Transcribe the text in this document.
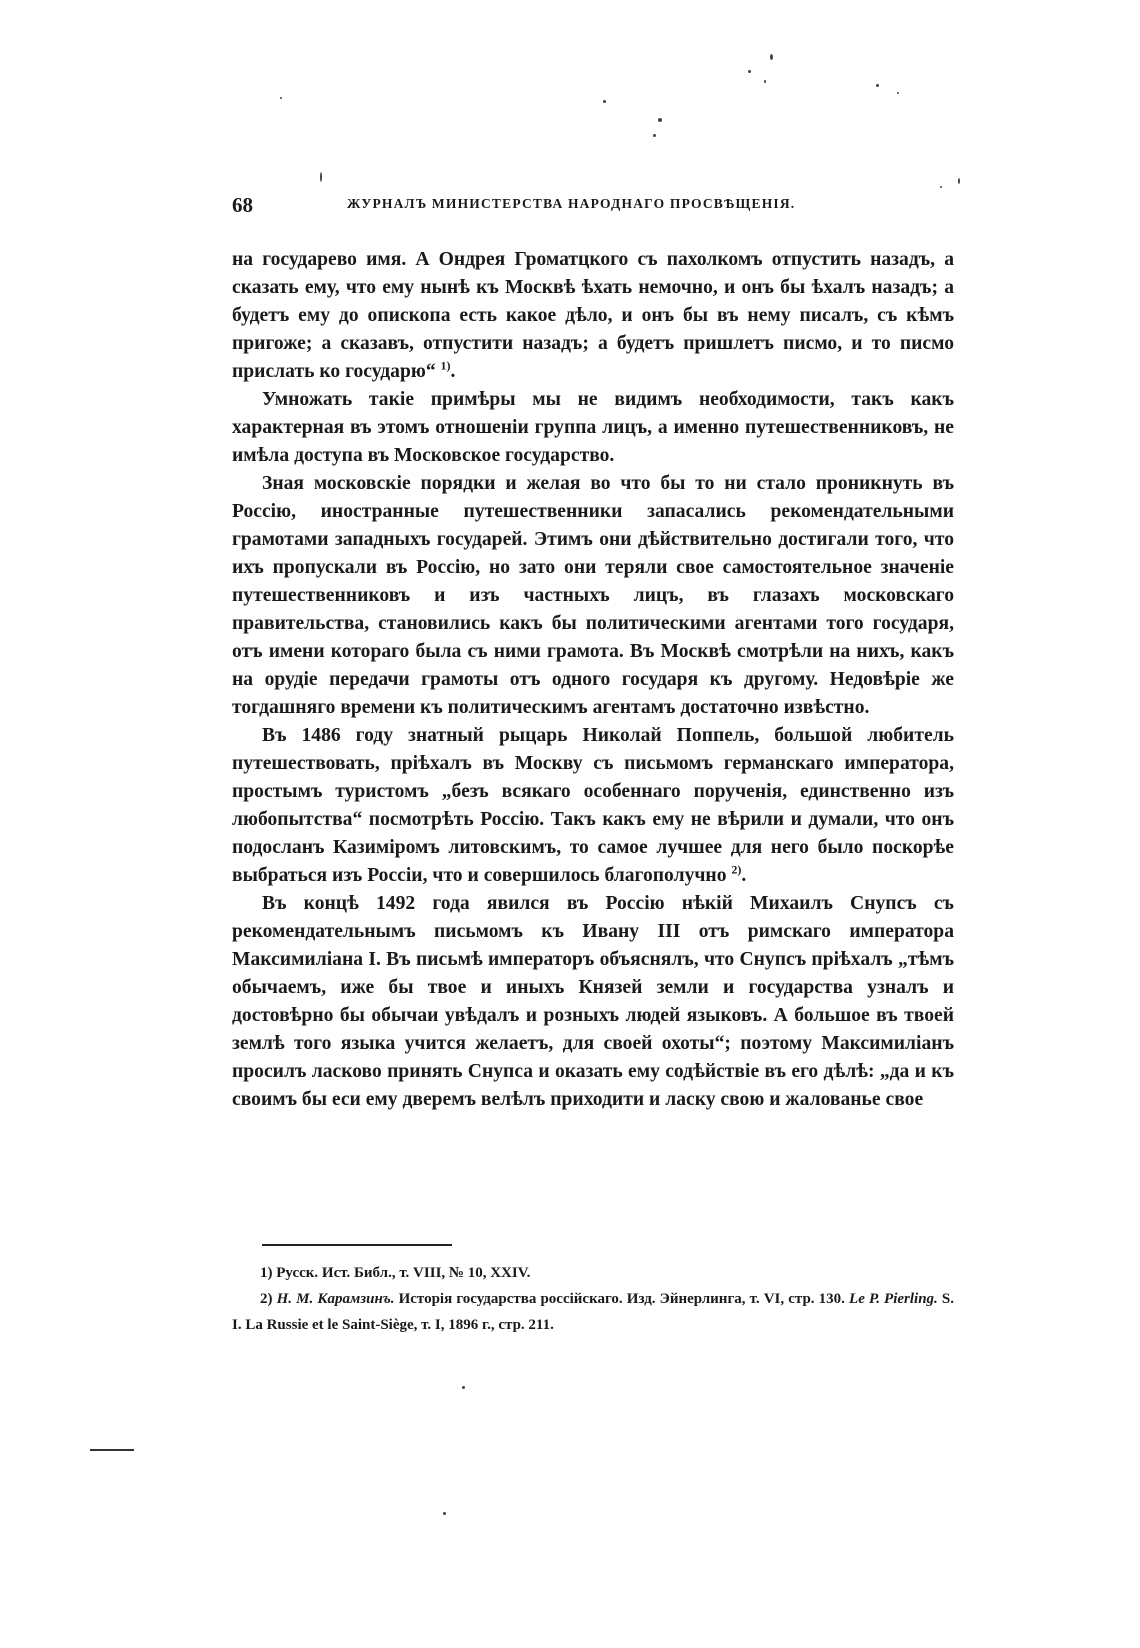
68	ЖУРНАЛЪ МИНИСТЕРСТВА НАРОДНАГО ПРОСВѢЩЕНІЯ.

на государево имя. А Ондрея Громатцкого съ пахолкомъ отпустить назадъ, а сказать ему, что ему нынѣ къ Москвѣ ѣхать немочно, и онъ бы ѣхалъ назадъ; а будетъ ему до опископа есть какое дѣло, и онъ бы въ нему писалъ, съ кѣмъ пригоже; а сказавъ, отпустити назадъ; а будетъ пришлетъ писмо, и то писмо прислать ко государю“ $^{1)}$.

Умножать такіе примѣры мы не видимъ необходимости, такъ какъ характерная въ этомъ отношеніи группа лицъ, а именно путешественниковъ, не имѣла доступа въ Московское государство.

Зная московскіе порядки и желая во что бы то ни стало проникнуть въ Россію, иностранные путешественники запасались рекомендательными грамотами западныхъ государей. Этимъ они дѣйствительно достигали того, что ихъ пропускали въ Россію, но зато они теряли свое самостоятельное значеніе путешественниковъ и изъ частныхъ лицъ, въ глазахъ московскаго правительства, становились какъ бы политическими агентами того государя, отъ имени котораго была съ ними грамота. Въ Москвѣ смотрѣли на нихъ, какъ на орудіе передачи грамоты отъ одного государя къ другому. Недовѣріе же тогдашняго времени къ политическимъ агентамъ достаточно извѣстно.

Въ 1486 году знатный рыцарь Николай Поппель, большой любитель путешествовать, пріѣхалъ въ Москву съ письмомъ германскаго императора, простымъ туристомъ „безъ всякаго особеннаго порученія, единственно изъ любопытства“ посмотрѣть Россію. Такъ какъ ему не вѣрили и думали, что онъ подосланъ Казиміромъ литовскимъ, то самое лучшее для него было поскорѣе выбраться изъ Россіи, что и совершилось благополучно $^{2)}$.

Въ концѣ 1492 года явился въ Россію нѣкій Михаилъ Снупсъ съ рекомендательнымъ письмомъ къ Ивану III отъ римскаго императора Максимиліана I. Въ письмѣ императоръ объяснялъ, что Снупсъ пріѣхалъ „тѣмъ обычаемъ, иже бы твое и иныхъ Князей земли и государства узналъ и достовѣрно бы обычаи увѣдалъ и розныхъ людей языковъ. А большое въ твоей землѣ того языка учится желаетъ, для своей охоты“; поэтому Максимиліанъ просилъ ласково принять Снупса и оказать ему содѣйствіе въ его дѣлѣ: „да и къ своимъ бы еси ему дверемъ велѣлъ приходити и ласку свою и жалованье свое

1) Русск. Ист. Библ., т. VIII, № 10, XXIV.

2) Н. М. Карамзинъ. Исторія государства россійскаго. Изд. Эйнерлинга, т. VI, стр. 130. Le P. Pierling. S. I. La Russie et le Saint-Siège, т. I, 1896 г., стр. 211.
